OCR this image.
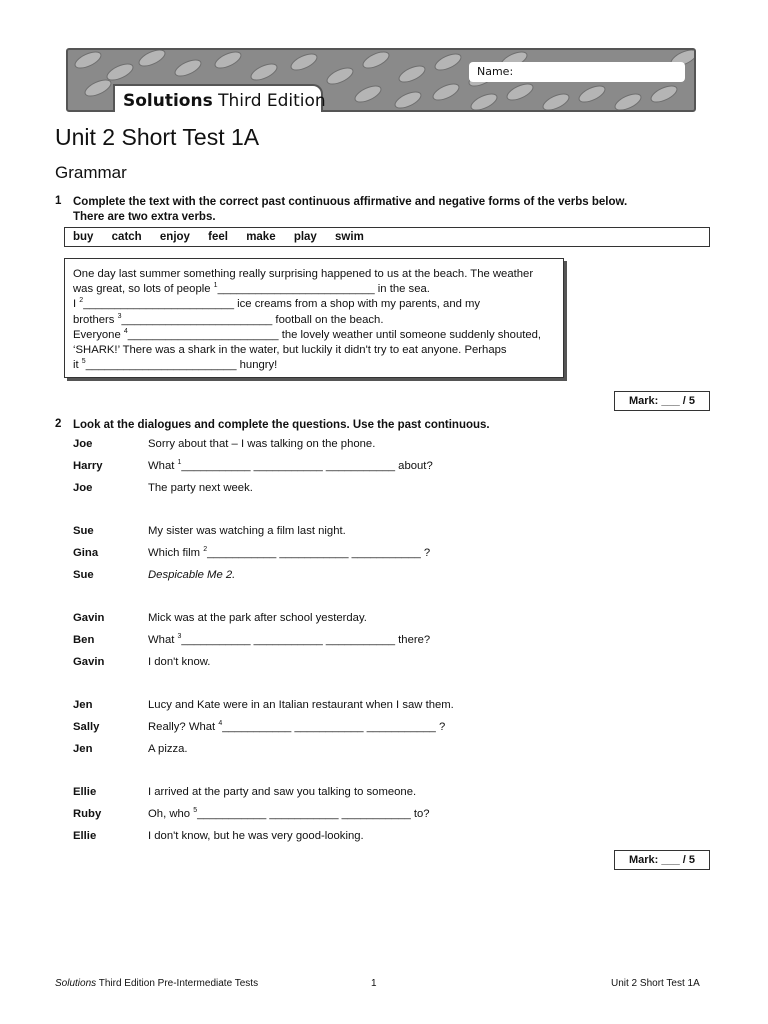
Name:
Solutions Third Edition
Unit 2 Short Test 1A
Grammar
1 Complete the text with the correct past continuous affirmative and negative forms of the verbs below.
There are two extra verbs.
buy catch enjoy feel make play swim
One day last summer something really surprising happened to us at the beach. The weather
was great, so lots of people $^1$_________________________ in the sea.
I $^2$________________________ ice creams from a shop with my parents, and my
brothers $^3$________________________ football on the beach.
Everyone $^4$________________________ the lovely weather until someone suddenly shouted,
‘SHARK!’ There was a shark in the water, but luckily it didn't try to eat anyone. Perhaps
it $^5$________________________ hungry!
Mark: ___ / 5
2 Look at the dialogues and complete the questions. Use the past continuous.
Joe	Sorry about that – I was talking on the phone.
Harry	What $^1$___________ ___________ ___________ about?
Joe	The party next week.
Sue	My sister was watching a film last night.
Gina	Which film $^2$___________ ___________ ___________ ?
Sue	Despicable Me 2.
Gavin	Mick was at the park after school yesterday.
Ben	What $^3$___________ ___________ ___________ there?
Gavin	I don't know.
Jen	Lucy and Kate were in an Italian restaurant when I saw them.
Sally	Really? What $^4$___________ ___________ ___________ ?
Jen	A pizza.
Ellie	I arrived at the party and saw you talking to someone.
Ruby	Oh, who $^5$___________ ___________ ___________ to?
Ellie	I don't know, but he was very good-looking.
Mark: ___ / 5
Solutions Third Edition Pre-Intermediate Tests	1	Unit 2 Short Test 1A
